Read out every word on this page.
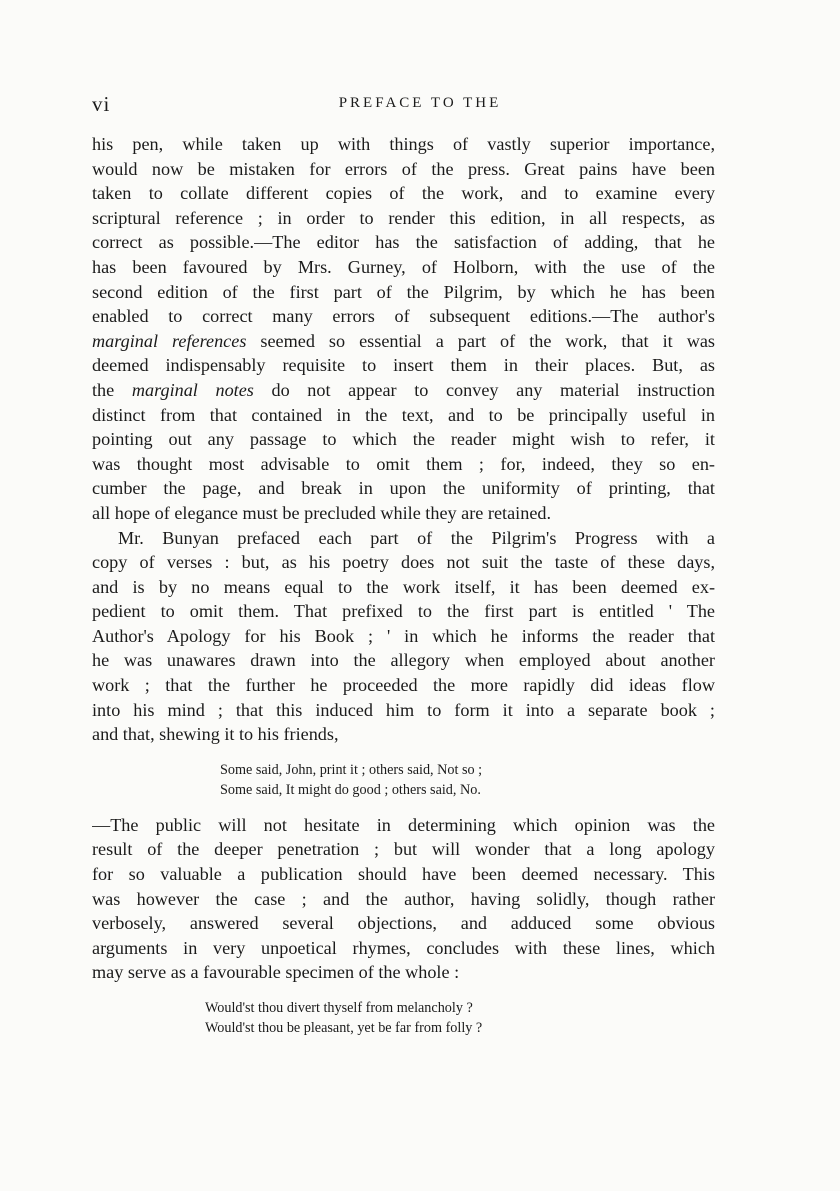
vi	PREFACE TO THE
his pen, while taken up with things of vastly superior importance,
would now be mistaken for errors of the press. Great pains have been
taken to collate different copies of the work, and to examine every
scriptural reference ; in order to render this edition, in all respects, as
correct as possible.—The editor has the satisfaction of adding, that he
has been favoured by Mrs. Gurney, of Holborn, with the use of the
second edition of the first part of the Pilgrim, by which he has been
enabled to correct many errors of subsequent editions.—The author's
marginal references seemed so essential a part of the work, that it was
deemed indispensably requisite to insert them in their places. But, as
the marginal notes do not appear to convey any material instruction
distinct from that contained in the text, and to be principally useful in
pointing out any passage to which the reader might wish to refer, it
was thought most advisable to omit them ; for, indeed, they so en-
cumber the page, and break in upon the uniformity of printing, that
all hope of elegance must be precluded while they are retained.
Mr. Bunyan prefaced each part of the Pilgrim's Progress with a
copy of verses : but, as his poetry does not suit the taste of these days,
and is by no means equal to the work itself, it has been deemed ex-
pedient to omit them. That prefixed to the first part is entitled ' The
Author's Apology for his Book ; ' in which he informs the reader that
he was unawares drawn into the allegory when employed about another
work ; that the further he proceeded the more rapidly did ideas flow
into his mind ; that this induced him to form it into a separate book ;
and that, shewing it to his friends,
Some said, John, print it ; others said, Not so ;
Some said, It might do good ; others said, No.
—The public will not hesitate in determining which opinion was the
result of the deeper penetration ; but will wonder that a long apology
for so valuable a publication should have been deemed necessary. This
was however the case ; and the author, having solidly, though rather
verbosely, answered several objections, and adduced some obvious
arguments in very unpoetical rhymes, concludes with these lines, which
may serve as a favourable specimen of the whole :
Would'st thou divert thyself from melancholy ?
Would'st thou be pleasant, yet be far from folly ?
